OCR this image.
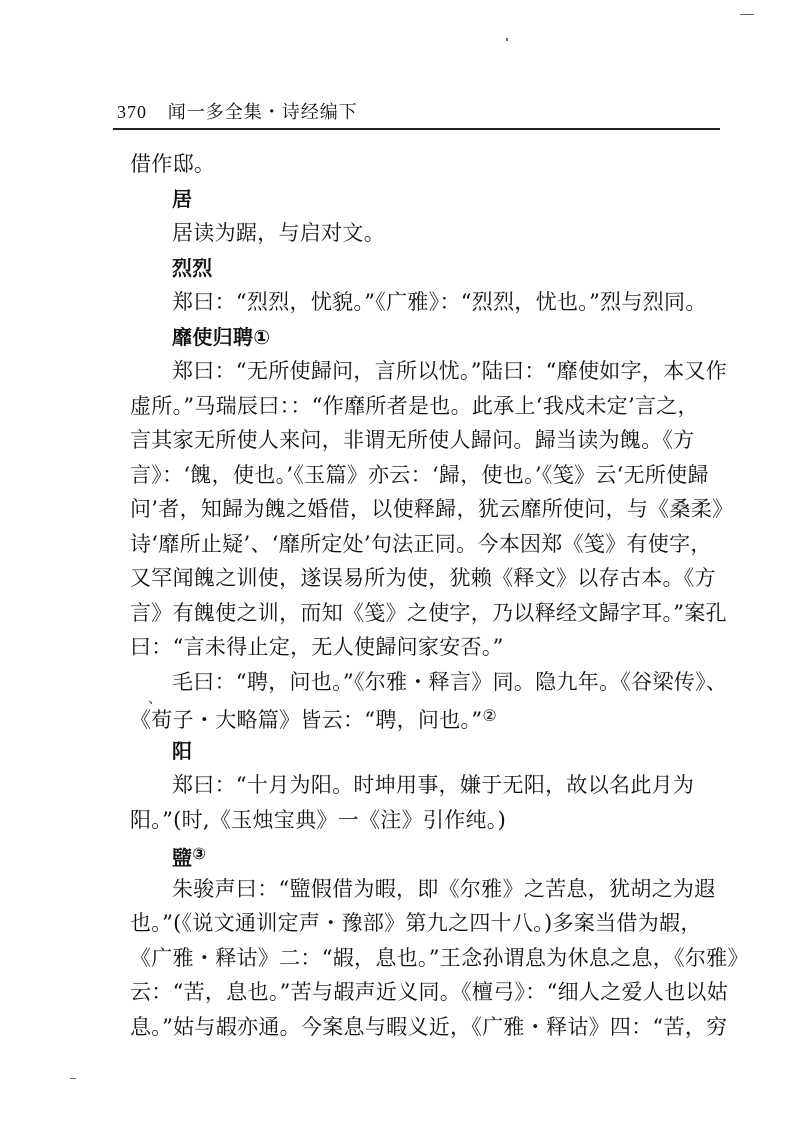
370 闻一多全集・诗经编下
借作邸。
居
居读为踞，与启对文。
烈烈
郑曰：“烈烈，忧貌。”《广雅》：“烈烈，忧也。”烈与烈同。
靡使归聘①
郑曰：“无所使歸问，言所以忧。”陆曰：“靡使如字，本又作
虚所。”马瑞辰曰：：“作靡所者是也。此承上‘我戍未定’言之，
言其家无所使人来问，非谓无所使人歸问。歸当读为餽。《方
言》：‘餽，使也。’《玉篇》亦云：‘歸，使也。’《笺》云‘无所使歸
问’者，知歸为餽之婚借，以使释歸，犹云靡所使问，与《桑柔》
诗‘靡所止疑’、‘靡所定处’句法正同。今本因郑《笺》有使字，
又罕闻餽之训使，遂误易所为使，犹赖《释文》以存古本。《方
言》有餽使之训，而知《笺》之使字，乃以释经文歸字耳。”案孔
曰：“言未得止定，无人使歸问家安否。”
毛曰：“聘，问也。”《尔雅・释言》同。隐九年。《谷梁传》、
《荀子・大略篇》皆云：“聘，问也。”②
阳
郑曰：“十月为阳。时坤用事，嫌于无阳，故以名此月为
阳。”(时,《玉烛宝典》一《注》引作纯。)
盬③
朱骏声曰：“盬假借为暇，即《尔雅》之苦息，犹胡之为遐
也。”(《说文通训定声・豫部》第九之四十八。)多案当借为嘏，
《广雅・释诂》二：“嘏，息也。”王念孙谓息为休息之息，《尔雅》
云：“苦，息也。”苦与嘏声近义同。《檀弓》：“细人之爱人也以姑
息。”姑与嘏亦通。今案息与暇义近，《广雅・释诂》四：“苦，穷
、
